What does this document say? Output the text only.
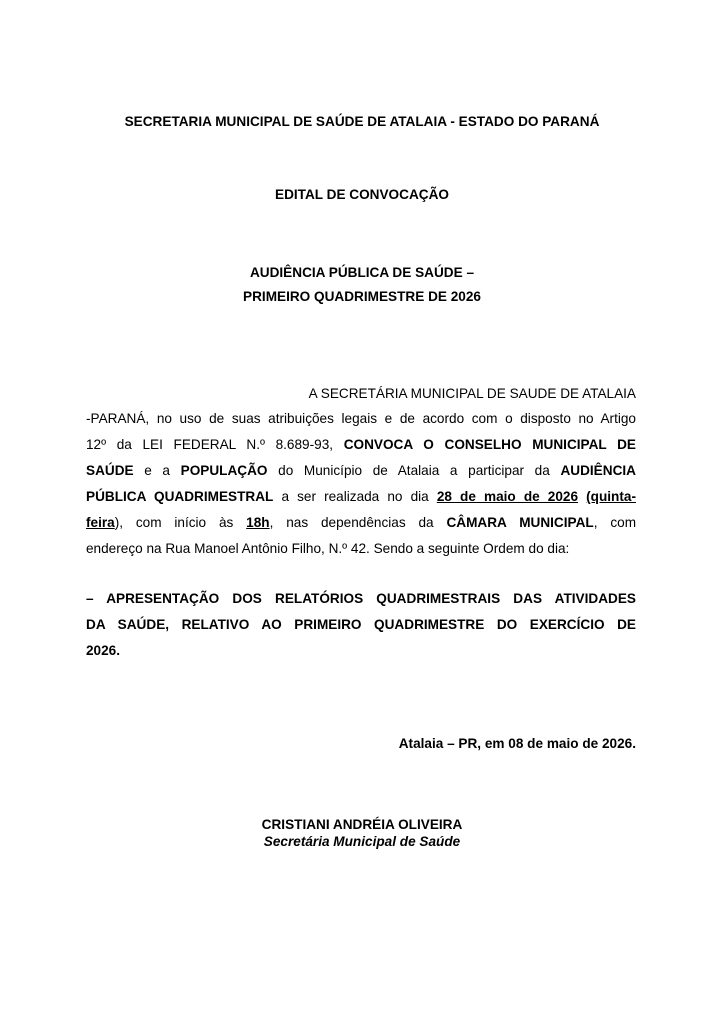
SECRETARIA MUNICIPAL DE SAÚDE DE ATALAIA - ESTADO DO PARANÁ
EDITAL DE CONVOCAÇÃO
AUDIÊNCIA PÚBLICA DE SAÚDE –
PRIMEIRO QUADRIMESTRE DE 2026
A SECRETÁRIA MUNICIPAL DE SAUDE DE ATALAIA
-PARANÁ, no uso de suas atribuições legais e de acordo com o disposto no Artigo
12º da LEI FEDERAL N.º 8.689-93, CONVOCA O CONSELHO MUNICIPAL DE
SAÚDE e a POPULAÇÃO do Município de Atalaia a participar da AUDIÊNCIA
PÚBLICA QUADRIMESTRAL a ser realizada no dia 28 de maio de 2026 (quinta-
feira), com início às 18h, nas dependências da CÂMARA MUNICIPAL, com
endereço na Rua Manoel Antônio Filho, N.º 42. Sendo a seguinte Ordem do dia:
– APRESENTAÇÃO DOS RELATÓRIOS QUADRIMESTRAIS DAS ATIVIDADES
DA SAÚDE, RELATIVO AO PRIMEIRO QUADRIMESTRE DO EXERCÍCIO DE
2026.
Atalaia – PR, em 08 de maio de 2026.
CRISTIANI ANDRÉIA OLIVEIRA
Secretária Municipal de Saúde
